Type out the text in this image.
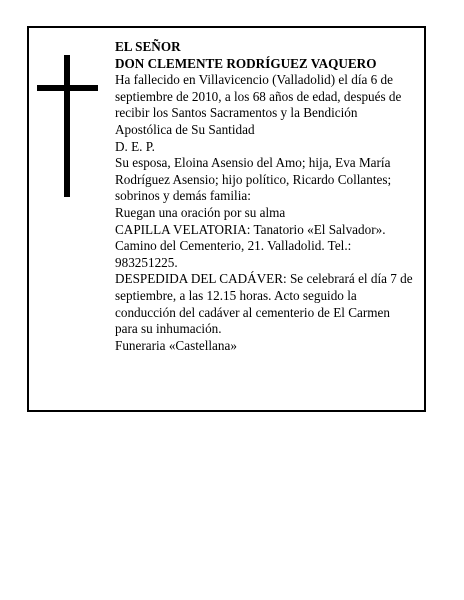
EL SEÑOR

DON CLEMENTE RODRÍGUEZ VAQUERO

Ha fallecido en Villavicencio (Valladolid) el día 6 de septiembre de 2010, a los 68 años de edad, después de recibir los Santos Sacramentos y la Bendición Apostólica de Su Santidad

D. E. P.

Su esposa, Eloina Asensio del Amo; hija, Eva María Rodríguez Asensio; hijo político, Ricardo Collantes; sobrinos y demás familia:

Ruegan una oración por su alma

CAPILLA VELATORIA: Tanatorio «El Salvador». Camino del Cementerio, 21. Valladolid. Tel.: 983251225.

DESPEDIDA DEL CADÁVER: Se celebrará el día 7 de septiembre, a las 12.15 horas. Acto seguido la conducción del cadáver al cementerio de El Carmen para su inhumación.

Funeraria «Castellana»
